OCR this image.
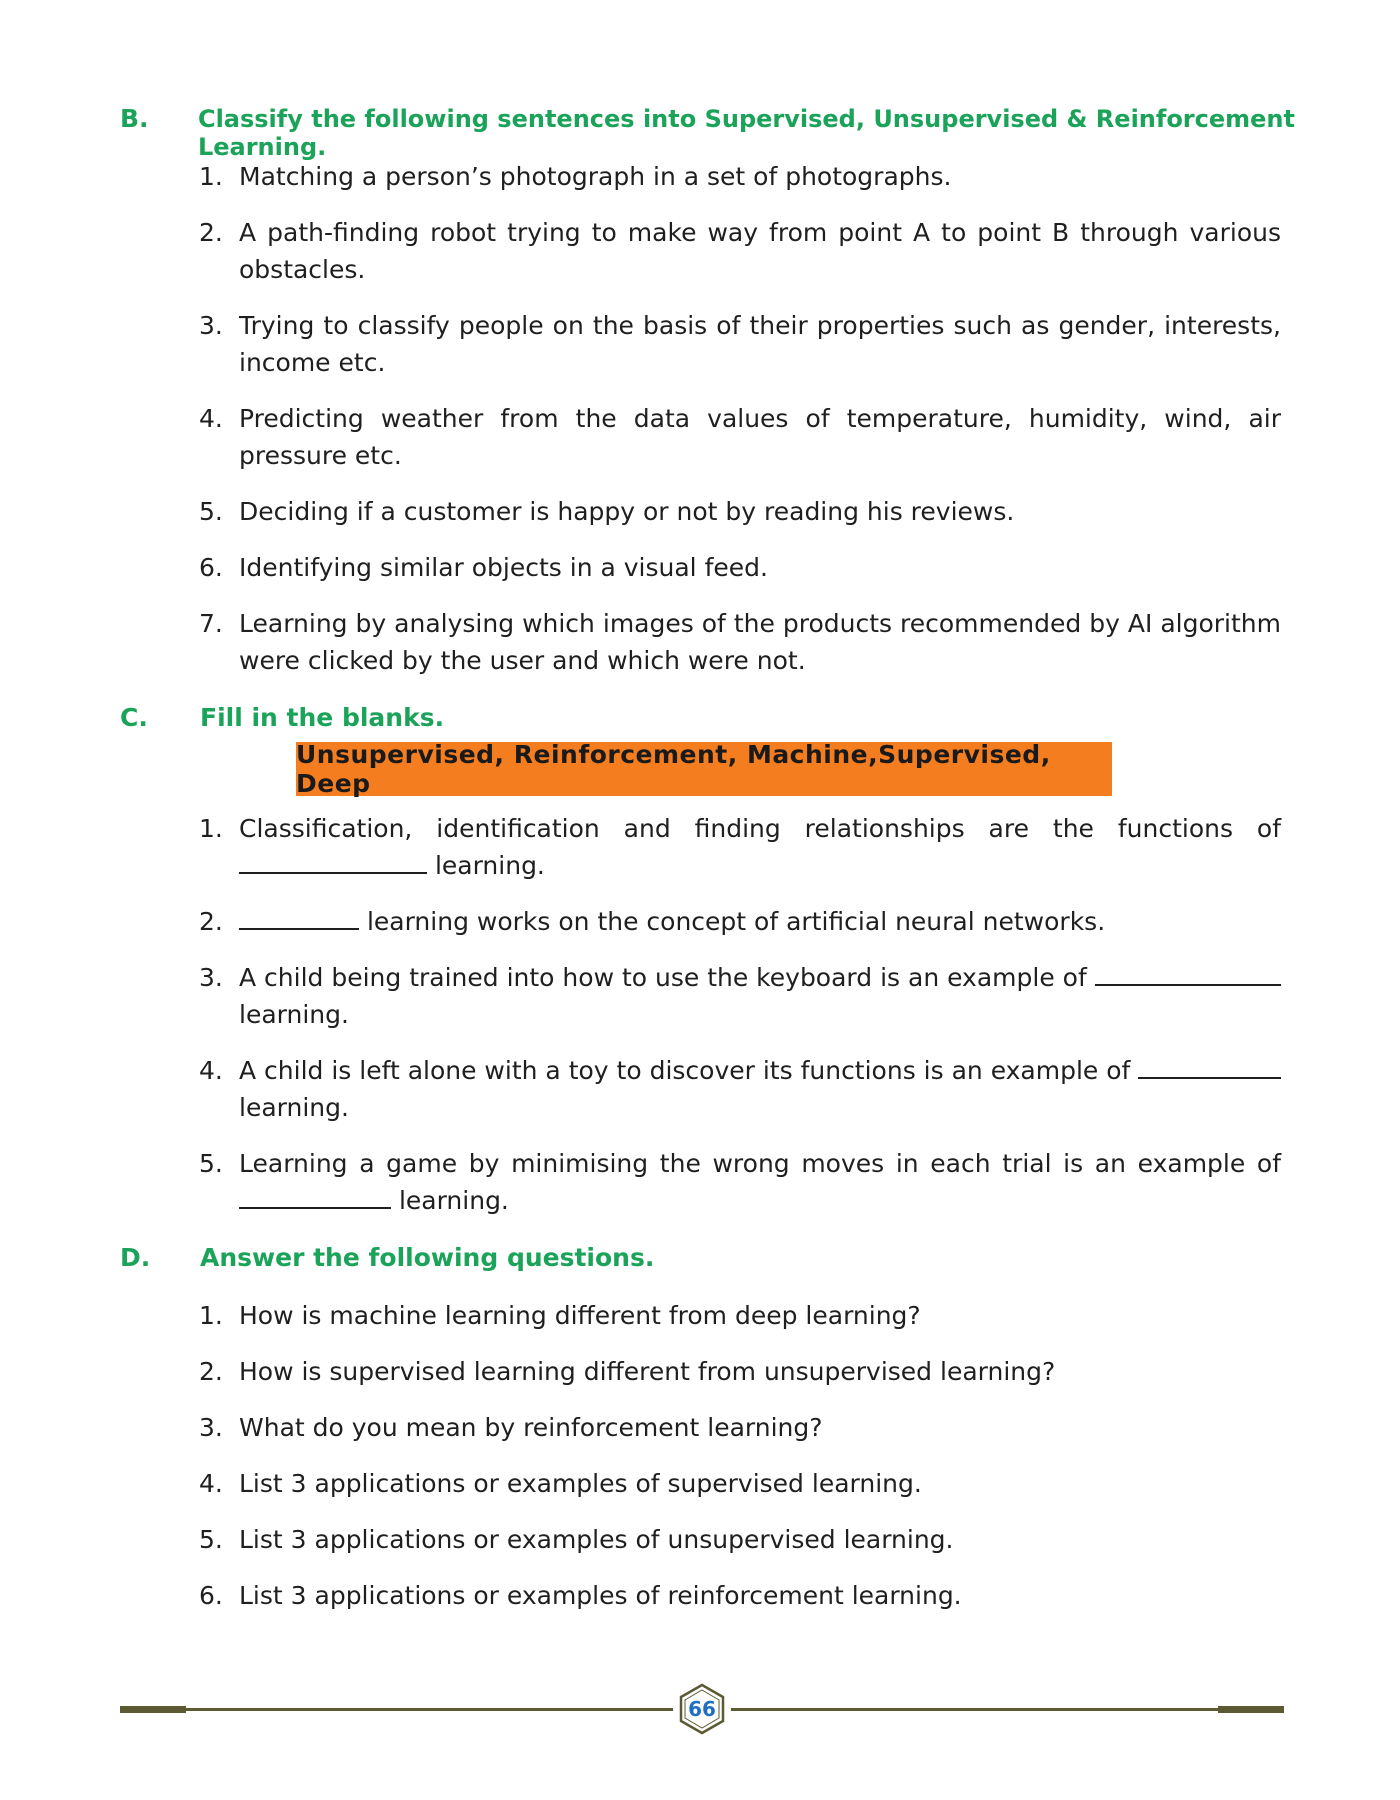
B.	Classify the following sentences into Supervised, Unsupervised & Reinforcement Learning.
1. Matching a person’s photograph in a set of photographs.
2. A path-finding robot trying to make way from point A to point B through various
obstacles.
3. Trying to classify people on the basis of their properties such as gender, interests,
income etc.
4. Predicting weather from the data values of temperature, humidity, wind, air
pressure etc.
5. Deciding if a customer is happy or not by reading his reviews.
6. Identifying similar objects in a visual feed.
7. Learning by analysing which images of the products recommended by AI algorithm
were clicked by the user and which were not.
C.	Fill in the blanks.
Unsupervised, Reinforcement, Machine,Supervised, Deep
1. Classification, identification and finding relationships are the functions of
learning.
2.	learning works on the concept of artificial neural networks.
3. A child being trained into how to use the keyboard is an example of
learning.
4. A child is left alone with a toy to discover its functions is an example of
learning.
5. Learning a game by minimising the wrong moves in each trial is an example of
learning.
D.	Answer the following questions.
1. How is machine learning different from deep learning?
2. How is supervised learning different from unsupervised learning?
3. What do you mean by reinforcement learning?
4. List 3 applications or examples of supervised learning.
5. List 3 applications or examples of unsupervised learning.
6. List 3 applications or examples of reinforcement learning.
66
